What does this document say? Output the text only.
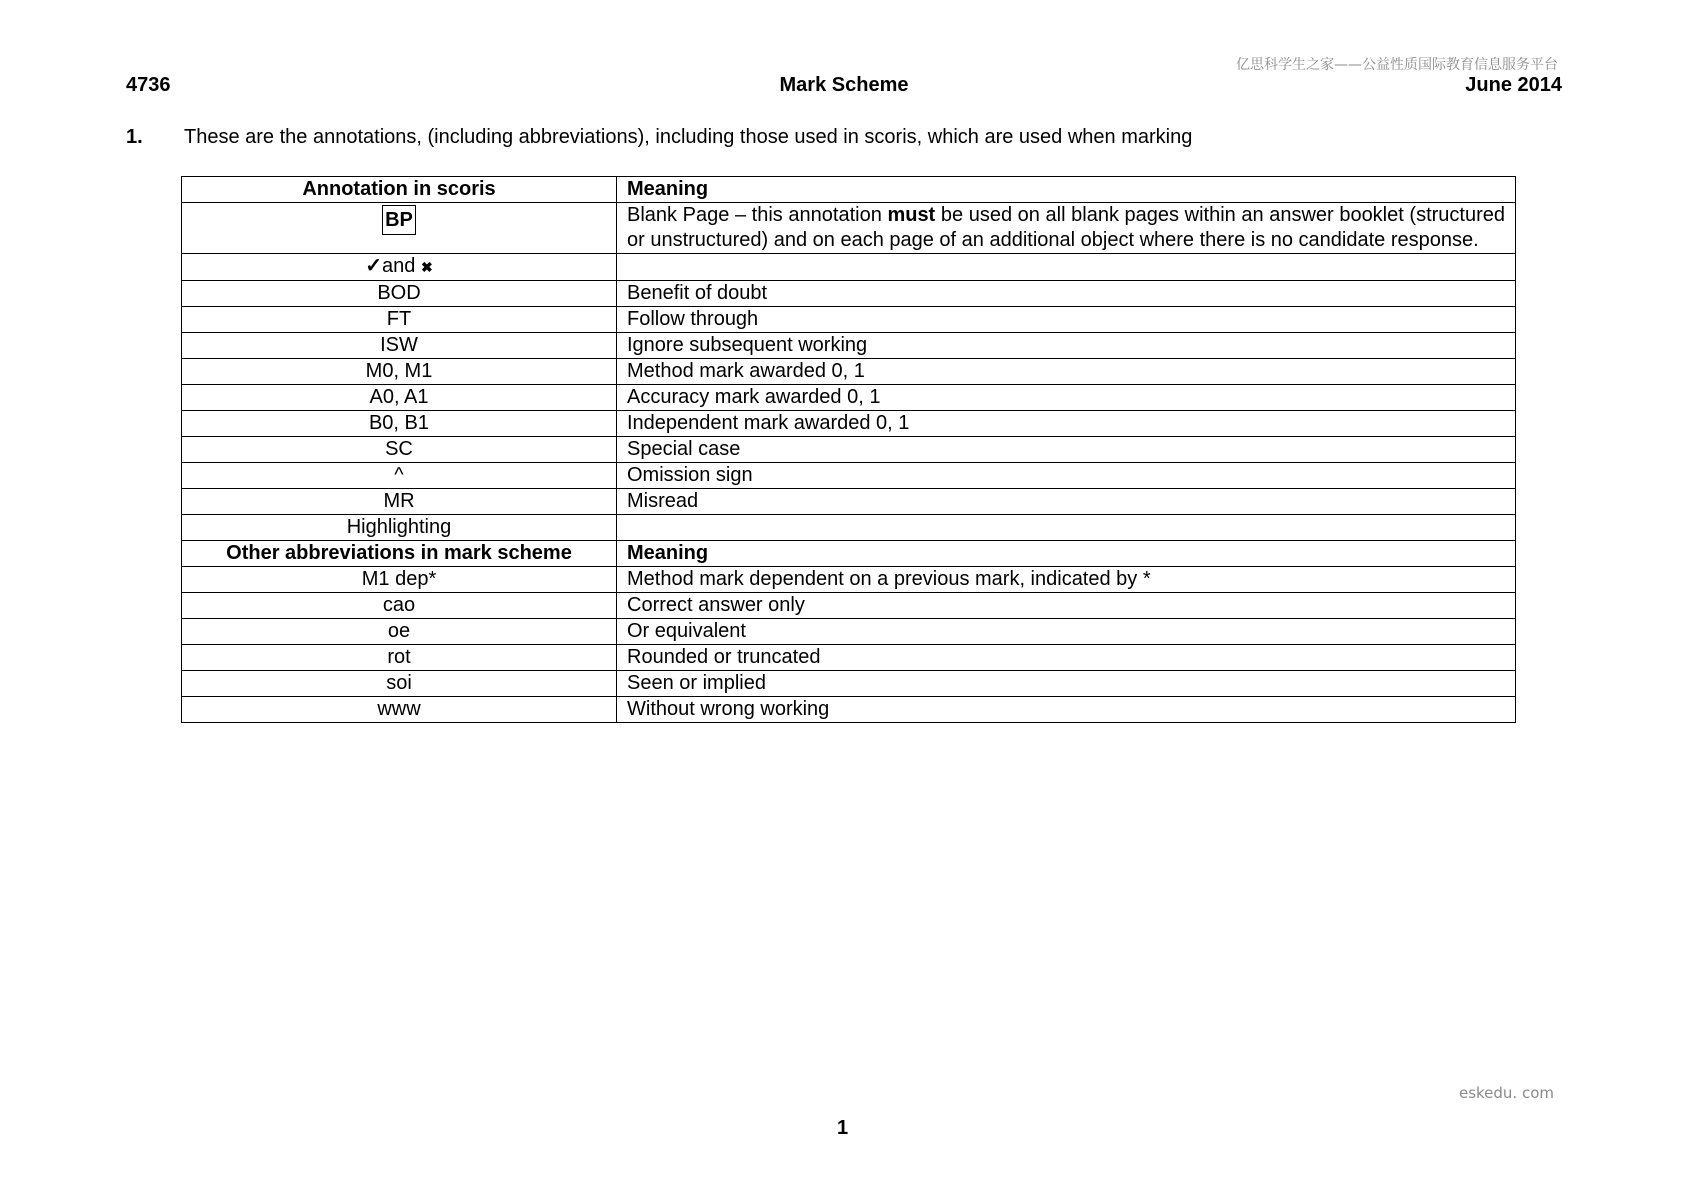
亿思科学生之家——公益性质国际教育信息服务平台
4736	Mark Scheme	June 2014
1. These are the annotations, (including abbreviations), including those used in scoris, which are used when marking
Annotation in scoris	Meaning
BP	Blank Page – this annotation must be used on all blank pages within an answer booklet (structured or unstructured) and on each page of an additional object where there is no candidate response.
✓and ✖	
BOD	Benefit of doubt
FT	Follow through
ISW	Ignore subsequent working
M0, M1	Method mark awarded 0, 1
A0, A1	Accuracy mark awarded 0, 1
B0, B1	Independent mark awarded 0, 1
SC	Special case
^	Omission sign
MR	Misread
Highlighting	
Other abbreviations in mark scheme	Meaning
M1 dep*	Method mark dependent on a previous mark, indicated by *
cao	Correct answer only
oe	Or equivalent
rot	Rounded or truncated
soi	Seen or implied
www	Without wrong working
eskedu. com
1
